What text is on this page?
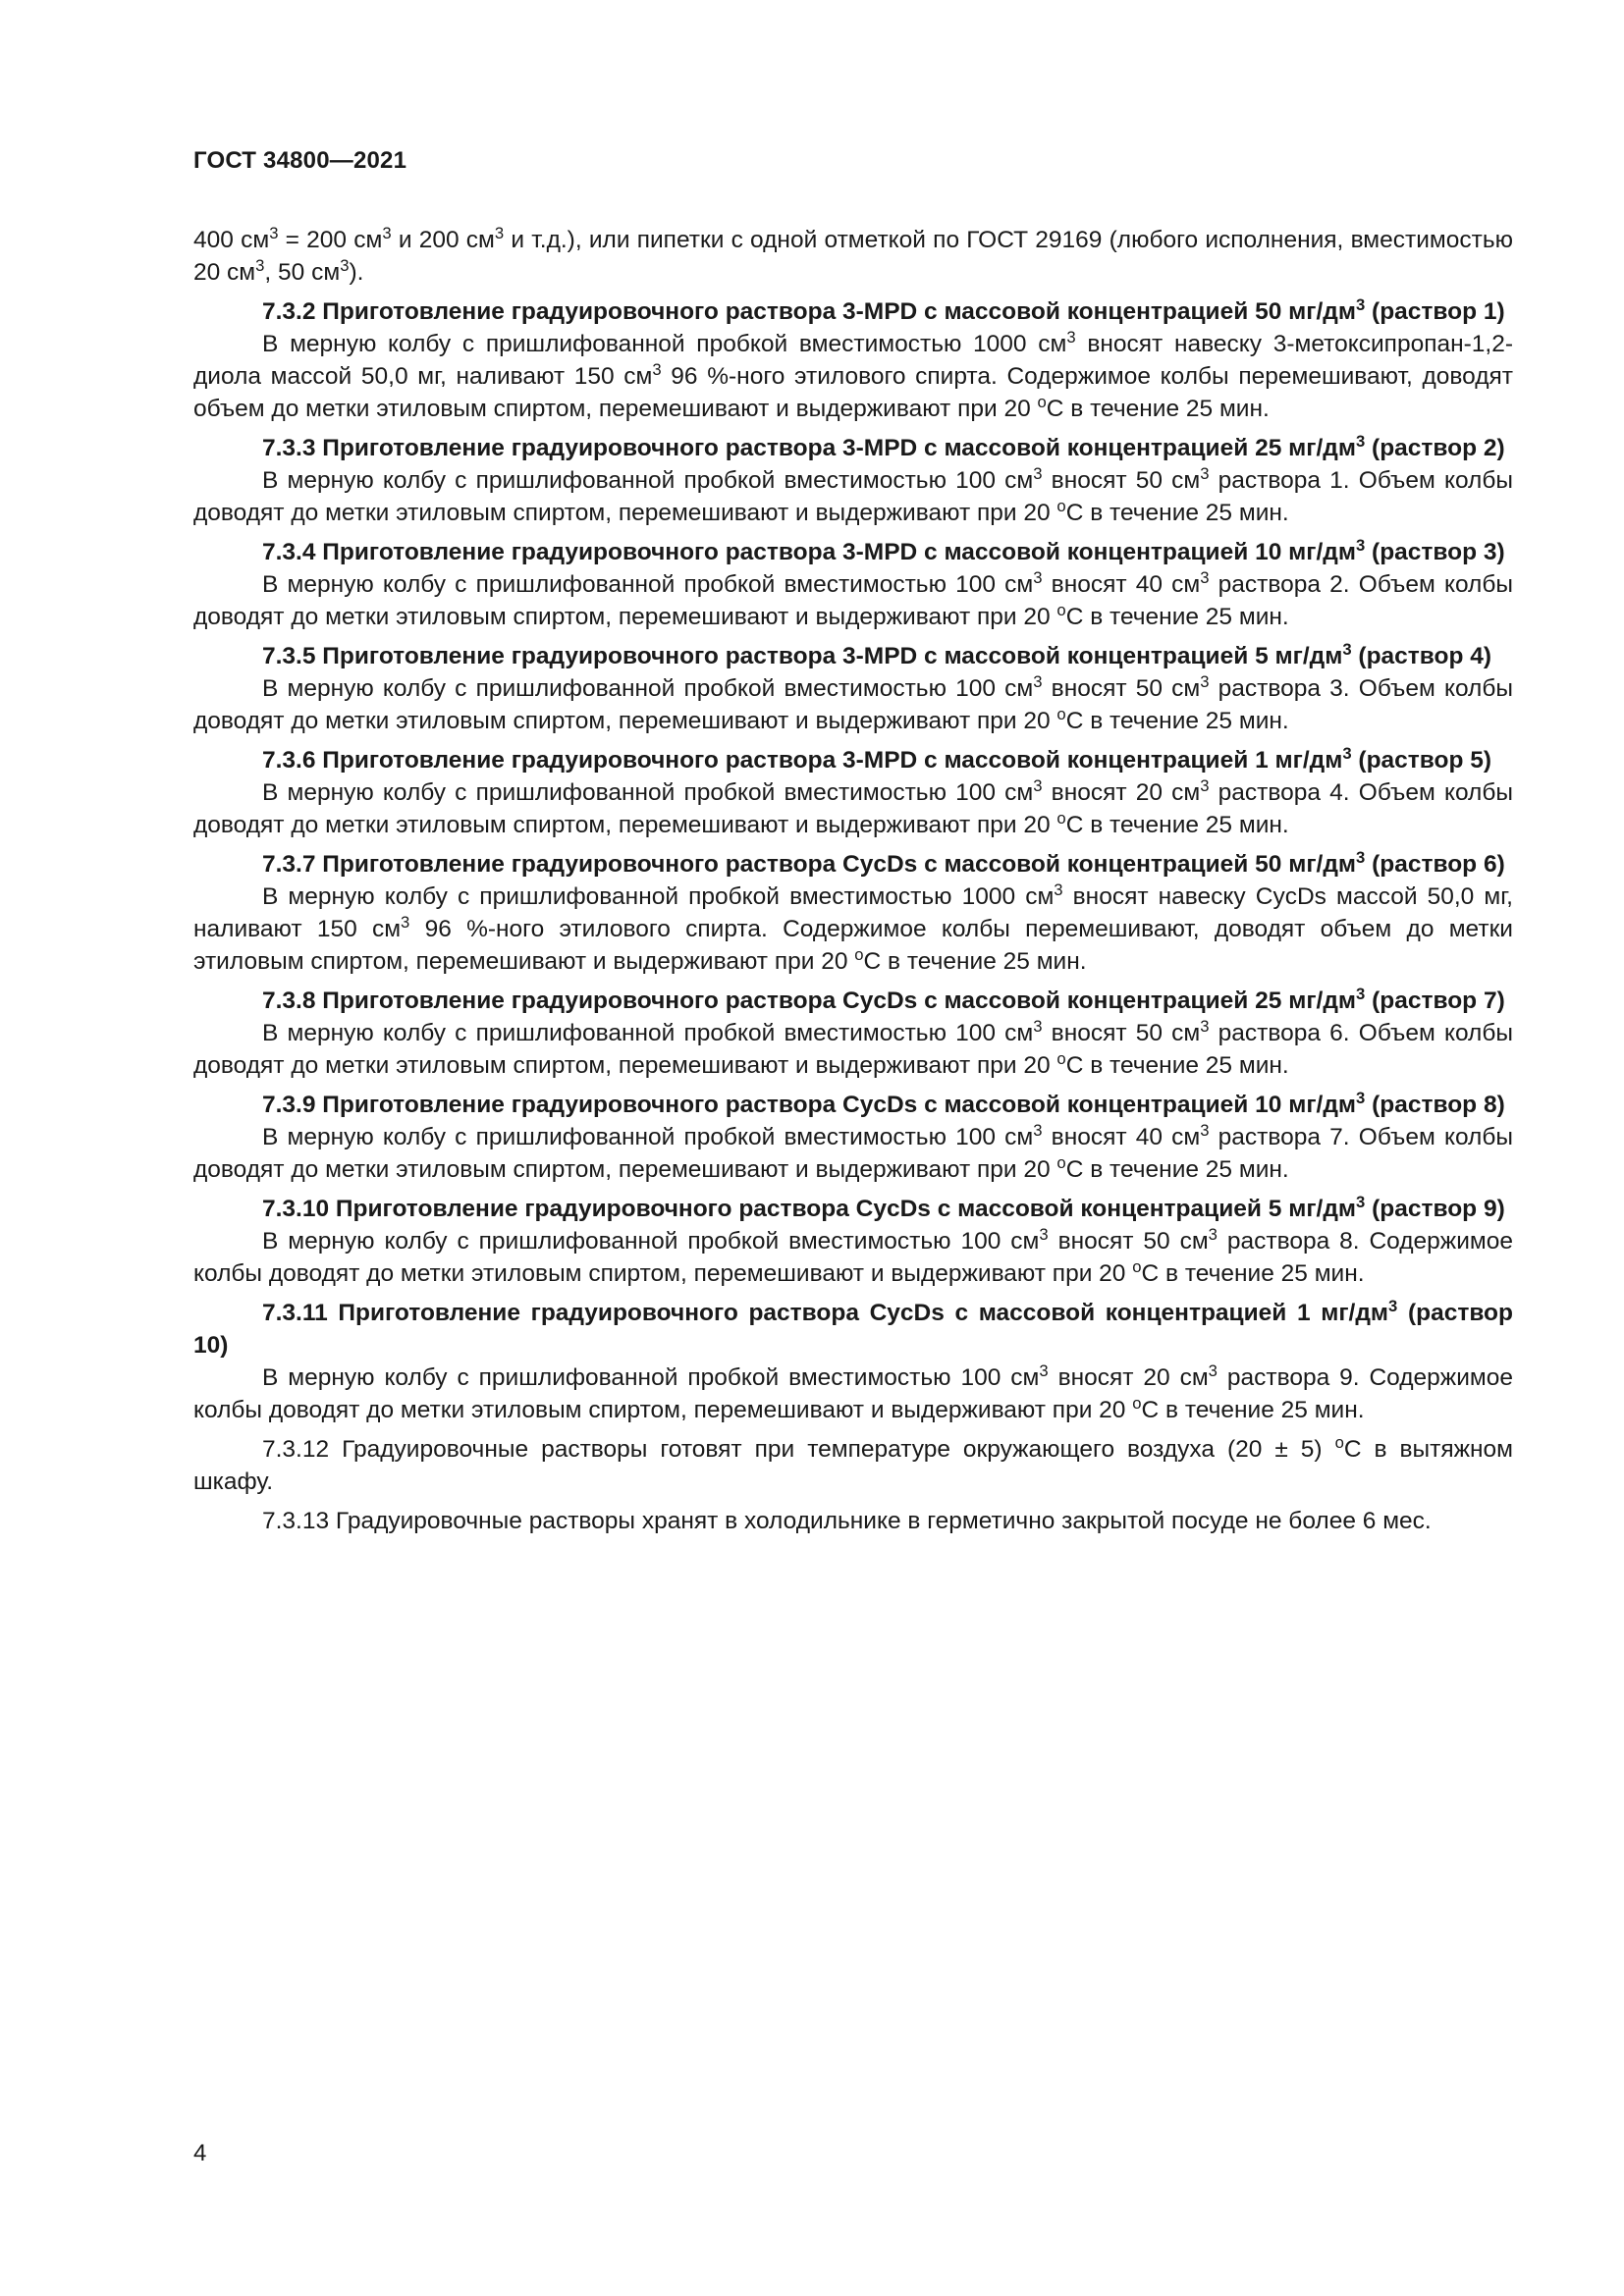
ГОСТ 34800—2021

400 $см^3 = 200$ $см^3$ и 200 $см^3$ и т.д.), или пипетки с одной отметкой по ГОСТ 29169 (любого исполнения, вместимостью 20 $см^3$, 50 $см^3$).

7.3.2 Приготовление градуировочного раствора 3-MPD с массовой концентрацией 50 $мг/дм^3$ (раствор 1)

В мерную колбу с пришлифованной пробкой вместимостью 1000 $см^3$ вносят навеску 3-метоксипропан-1,2-диола массой 50,0 мг, наливают 150 $см^3$ 96 %-ного этилового спирта. Содержимое колбы перемешивают, доводят объем до метки этиловым спиртом, перемешивают и выдерживают при 20 $^о$С в течение 25 мин.

7.3.3 Приготовление градуировочного раствора 3-MPD с массовой концентрацией 25 $мг/дм^3$ (раствор 2)

В мерную колбу с пришлифованной пробкой вместимостью 100 $см^3$ вносят 50 $см^3$ раствора 1. Объем колбы доводят до метки этиловым спиртом, перемешивают и выдерживают при 20 $^о$С в течение 25 мин.

7.3.4 Приготовление градуировочного раствора 3-MPD с массовой концентрацией 10 $мг/дм^3$ (раствор 3)

В мерную колбу с пришлифованной пробкой вместимостью 100 $см^3$ вносят 40 $см^3$ раствора 2. Объем колбы доводят до метки этиловым спиртом, перемешивают и выдерживают при 20 $^о$С в течение 25 мин.

7.3.5 Приготовление градуировочного раствора 3-MPD с массовой концентрацией 5 $мг/дм^3$ (раствор 4)

В мерную колбу с пришлифованной пробкой вместимостью 100 $см^3$ вносят 50 $см^3$ раствора 3. Объем колбы доводят до метки этиловым спиртом, перемешивают и выдерживают при 20 $^о$С в течение 25 мин.

7.3.6 Приготовление градуировочного раствора 3-MPD с массовой концентрацией 1 $мг/дм^3$ (раствор 5)

В мерную колбу с пришлифованной пробкой вместимостью 100 $см^3$ вносят 20 $см^3$ раствора 4. Объем колбы доводят до метки этиловым спиртом, перемешивают и выдерживают при 20 $^о$С в течение 25 мин.

7.3.7 Приготовление градуировочного раствора CycDs с массовой концентрацией 50 $мг/дм^3$ (раствор 6)

В мерную колбу с пришлифованной пробкой вместимостью 1000 $см^3$ вносят навеску CycDs массой 50,0 мг, наливают 150 $см^3$ 96 %-ного этилового спирта. Содержимое колбы перемешивают, доводят объем до метки этиловым спиртом, перемешивают и выдерживают при 20 $^о$С в течение 25 мин.

7.3.8 Приготовление градуировочного раствора CycDs с массовой концентрацией 25 $мг/дм^3$ (раствор 7)

В мерную колбу с пришлифованной пробкой вместимостью 100 $см^3$ вносят 50 $см^3$ раствора 6. Объем колбы доводят до метки этиловым спиртом, перемешивают и выдерживают при 20 $^о$С в течение 25 мин.

7.3.9 Приготовление градуировочного раствора CycDs с массовой концентрацией 10 $мг/дм^3$ (раствор 8)

В мерную колбу с пришлифованной пробкой вместимостью 100 $см^3$ вносят 40 $см^3$ раствора 7. Объем колбы доводят до метки этиловым спиртом, перемешивают и выдерживают при 20 $^о$С в течение 25 мин.

7.3.10 Приготовление градуировочного раствора CycDs с массовой концентрацией 5 $мг/дм^3$ (раствор 9)

В мерную колбу с пришлифованной пробкой вместимостью 100 $см^3$ вносят 50 $см^3$ раствора 8. Содержимое колбы доводят до метки этиловым спиртом, перемешивают и выдерживают при 20 $^о$С в течение 25 мин.

7.3.11 Приготовление градуировочного раствора CycDs с массовой концентрацией 1 $мг/дм^3$ (раствор 10)

В мерную колбу с пришлифованной пробкой вместимостью 100 $см^3$ вносят 20 $см^3$ раствора 9. Содержимое колбы доводят до метки этиловым спиртом, перемешивают и выдерживают при 20 $^о$С в течение 25 мин.

7.3.12 Градуировочные растворы готовят при температуре окружающего воздуха (20 ± 5) $^о$С в вытяжном шкафу.

7.3.13 Градуировочные растворы хранят в холодильнике в герметично закрытой посуде не более 6 мес.

4
